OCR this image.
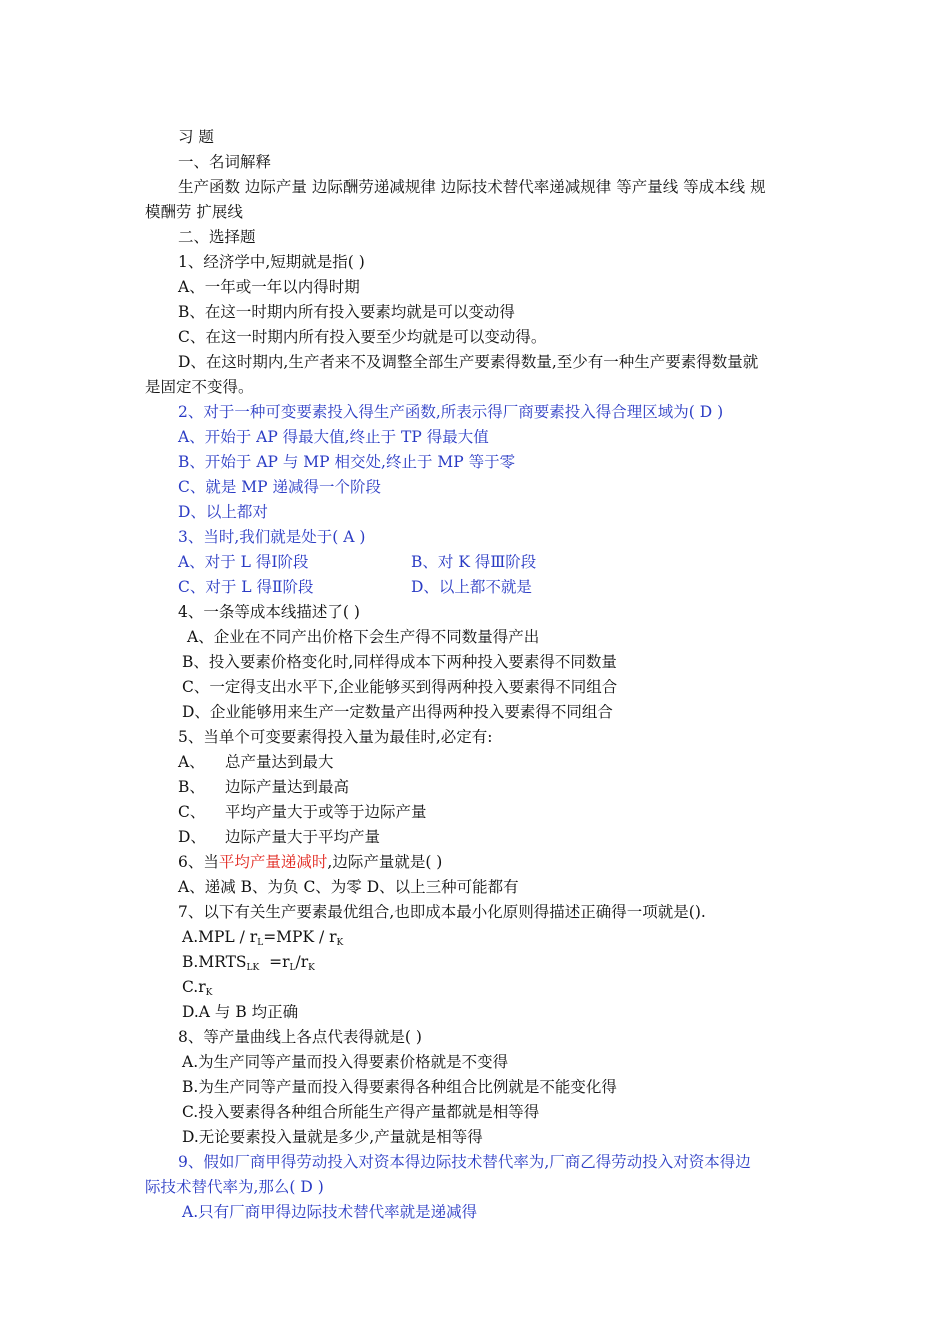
习 题
一、名词解释
生产函数 边际产量 边际酬劳递减规律 边际技术替代率递减规律 等产量线 等成本线 规
模酬劳 扩展线
二、选择题
1、经济学中,短期就是指( )
A、一年或一年以内得时期
B、在这一时期内所有投入要素均就是可以变动得
C、在这一时期内所有投入要至少均就是可以变动得。
D、在这时期内,生产者来不及调整全部生产要素得数量,至少有一种生产要素得数量就
是固定不变得。
2、对于一种可变要素投入得生产函数,所表示得厂商要素投入得合理区域为( D )
A、开始于 AP 得最大值,终止于 TP 得最大值
B、开始于 AP 与 MP 相交处,终止于 MP 等于零
C、就是 MP 递减得一个阶段
D、以上都对
3、当时,我们就是处于( A )
A、对于 L 得Ⅰ阶段	B、对 K 得Ⅲ阶段
C、对于 L 得Ⅱ阶段	D、以上都不就是
4、一条等成本线描述了( )
A、企业在不同产出价格下会生产得不同数量得产出
B、投入要素价格变化时,同样得成本下两种投入要素得不同数量
C、一定得支出水平下,企业能够买到得两种投入要素得不同组合
D、企业能够用来生产一定数量产出得两种投入要素得不同组合
5、当单个可变要素得投入量为最佳时,必定有:
A、 总产量达到最大
B、 边际产量达到最高
C、 平均产量大于或等于边际产量
D、 边际产量大于平均产量
6、当平均产量递减时,边际产量就是( )
A、递减 B、为负 C、为零 D、以上三种可能都有
7、以下有关生产要素最优组合,也即成本最小化原则得描述正确得一项就是().
$A.MPL / r_L=MPK / r_K$
$B.MRTS_{LK} =r_L/r_K$
$C.r_K$
D.A 与 B 均正确
8、等产量曲线上各点代表得就是( )
A.为生产同等产量而投入得要素价格就是不变得
B.为生产同等产量而投入得要素得各种组合比例就是不能变化得
C.投入要素得各种组合所能生产得产量都就是相等得
D.无论要素投入量就是多少,产量就是相等得
9、假如厂商甲得劳动投入对资本得边际技术替代率为,厂商乙得劳动投入对资本得边
际技术替代率为,那么( D )
A.只有厂商甲得边际技术替代率就是递减得
